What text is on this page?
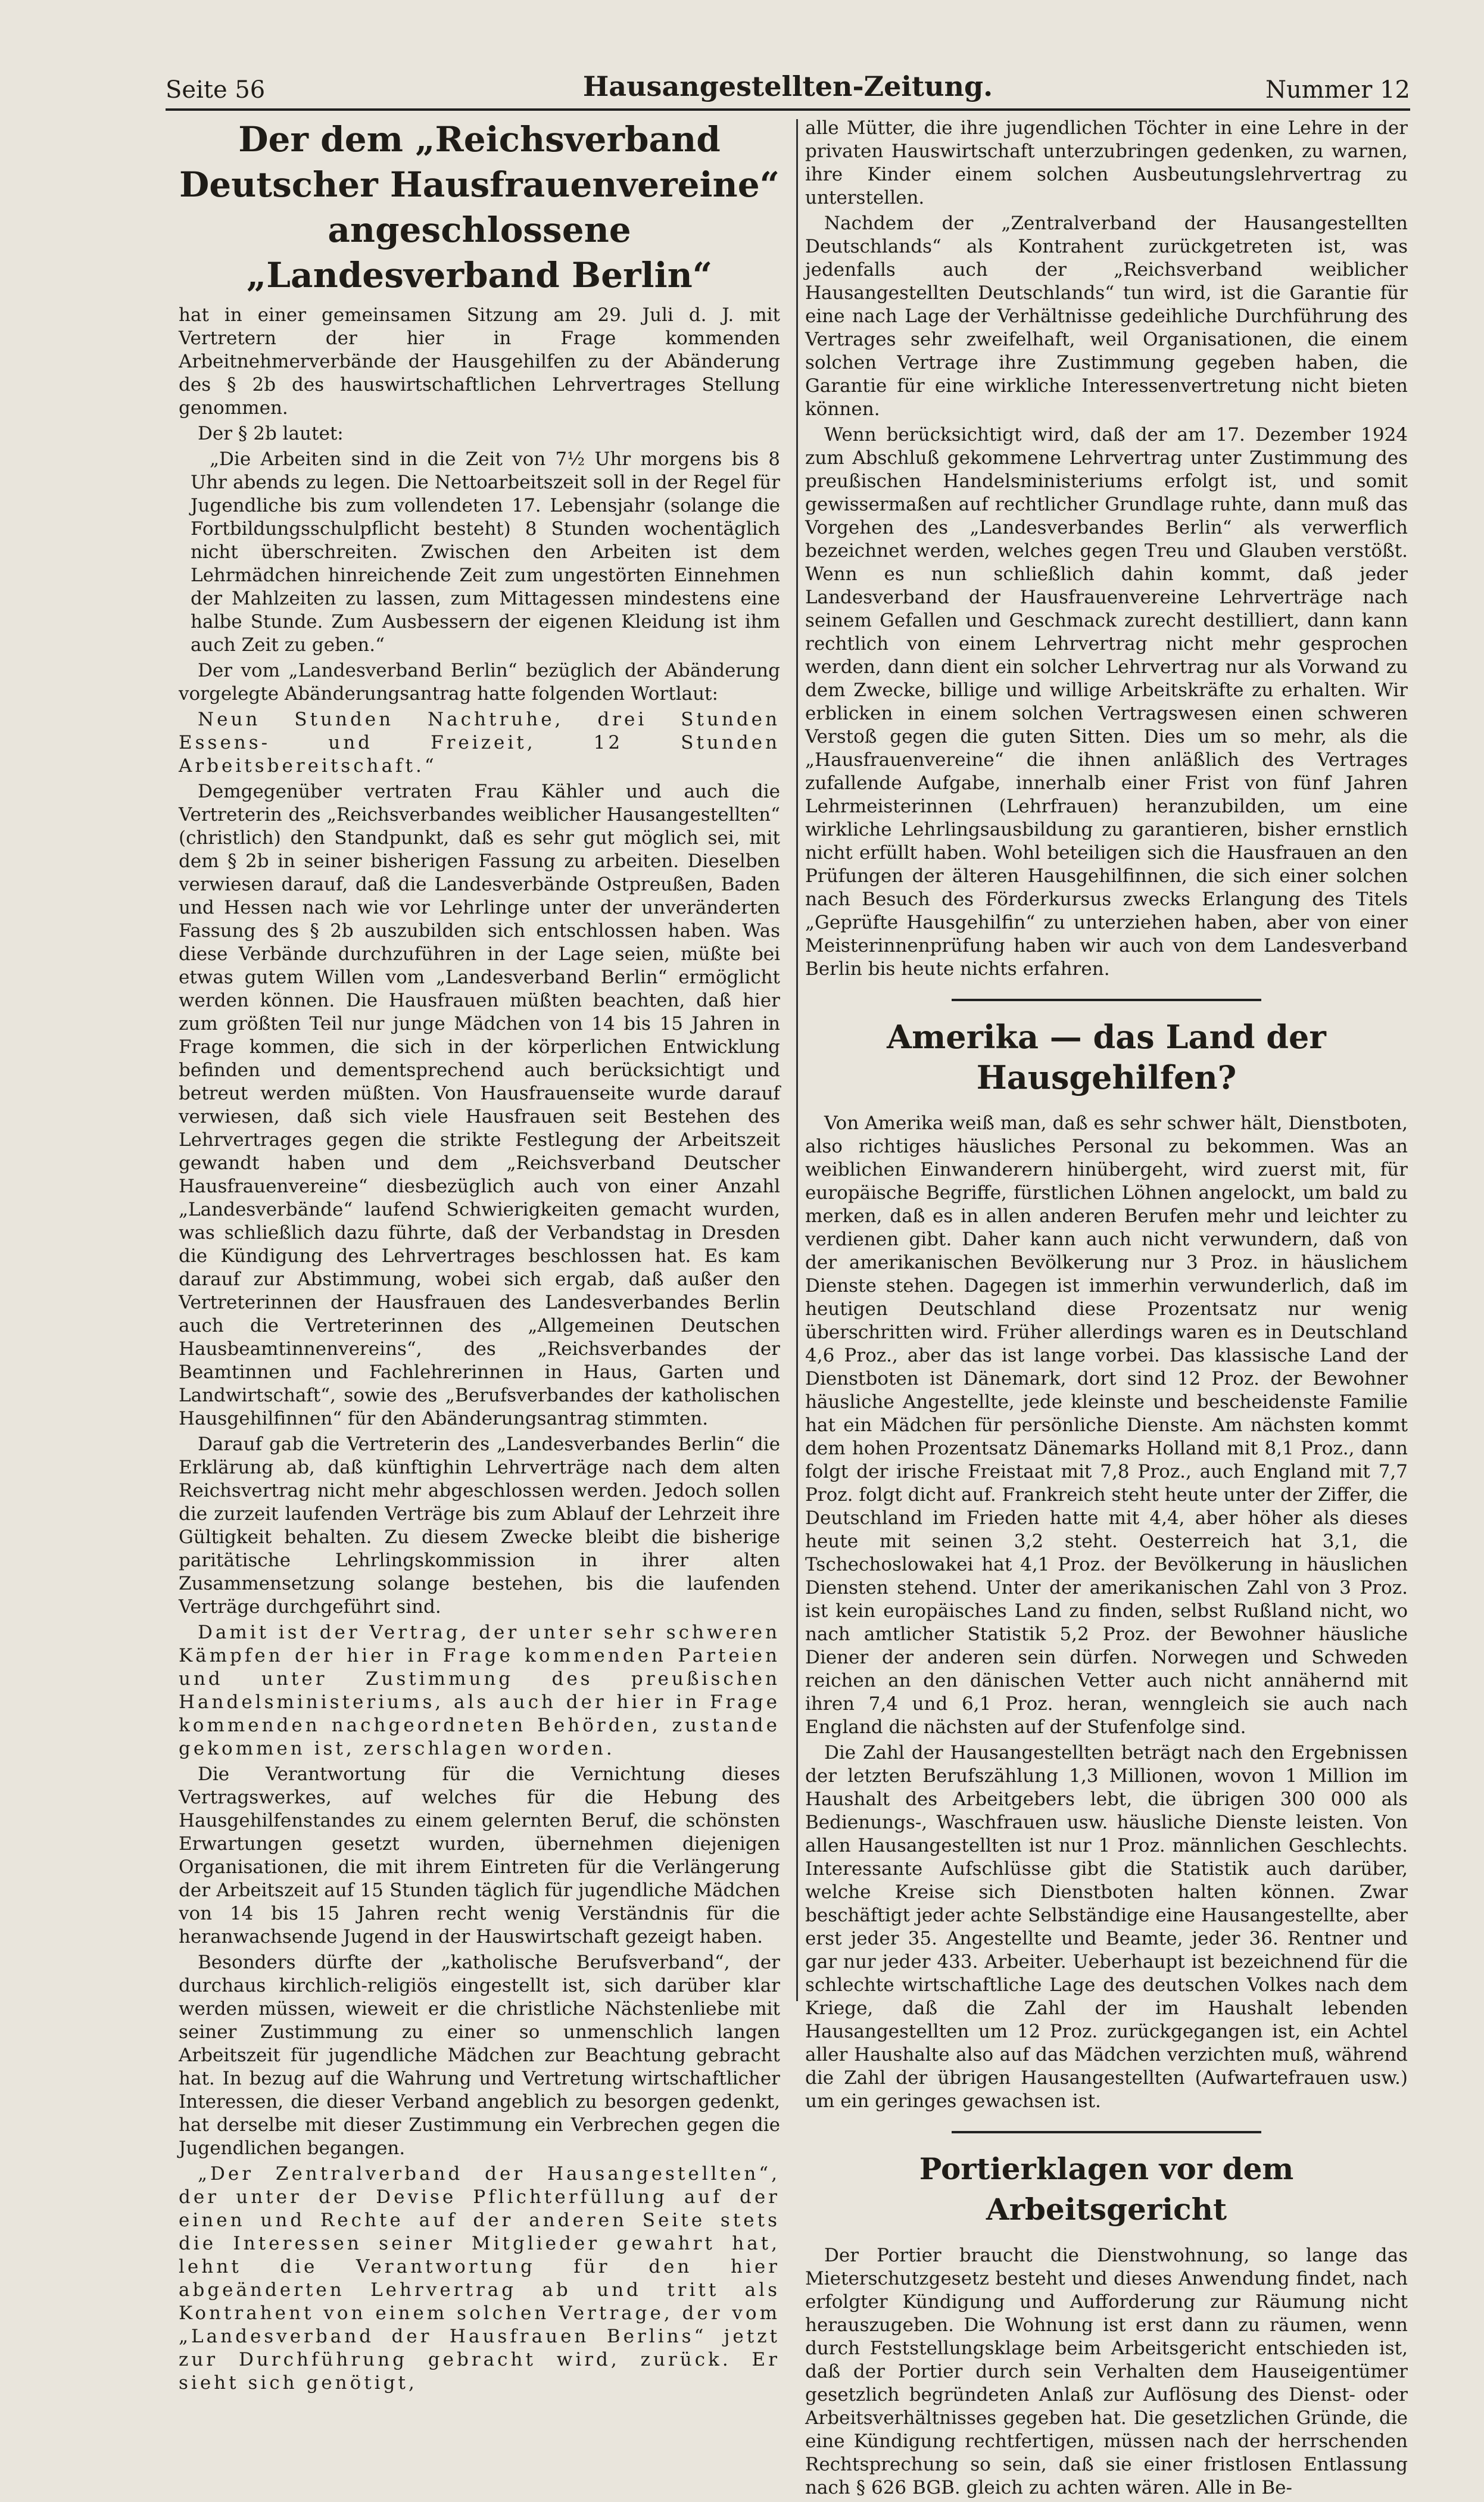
Seite 56	Hausangestellten-Zeitung.	Nummer 12
Der dem „Reichsverband Deutscher Hausfrauenvereine“ angeschlossene „Landesverband Berlin“

hat in einer gemeinsamen Sitzung am 29. Juli d. J. mit Vertretern der hier in Frage kommenden Arbeitnehmerverbände der Hausgehilfen zu der Abänderung des § 2b des hauswirtschaftlichen Lehrvertrages Stellung genommen.

Der § 2b lautet:

„Die Arbeiten sind in die Zeit von 7½ Uhr morgens bis 8 Uhr abends zu legen. Die Nettoarbeitszeit soll in der Regel für Jugendliche bis zum vollendeten 17. Lebensjahr (solange die Fortbildungsschulpflicht besteht) 8 Stunden wochentäglich nicht überschreiten. Zwischen den Arbeiten ist dem Lehrmädchen hinreichende Zeit zum ungestörten Einnehmen der Mahlzeiten zu lassen, zum Mittagessen mindestens eine halbe Stunde. Zum Ausbessern der eigenen Kleidung ist ihm auch Zeit zu geben.“

Der vom „Landesverband Berlin“ bezüglich der Abänderung vorgelegte Abänderungsantrag hatte folgenden Wortlaut:

Neun Stunden Nachtruhe, drei Stunden Essens- und Freizeit, 12 Stunden Arbeitsbereitschaft.“

Demgegenüber vertraten Frau Kähler und auch die Vertreterin des „Reichsverbandes weiblicher Hausangestellten“ (christlich) den Standpunkt, daß es sehr gut möglich sei, mit dem § 2b in seiner bisherigen Fassung zu arbeiten. Dieselben verwiesen darauf, daß die Landesverbände Ostpreußen, Baden und Hessen nach wie vor Lehrlinge unter der unveränderten Fassung des § 2b auszubilden sich entschlossen haben. Was diese Verbände durchzuführen in der Lage seien, müßte bei etwas gutem Willen vom „Landesverband Berlin“ ermöglicht werden können. Die Hausfrauen müßten beachten, daß hier zum größten Teil nur junge Mädchen von 14 bis 15 Jahren in Frage kommen, die sich in der körperlichen Entwicklung befinden und dementsprechend auch berücksichtigt und betreut werden müßten. Von Hausfrauenseite wurde darauf verwiesen, daß sich viele Hausfrauen seit Bestehen des Lehrvertrages gegen die strikte Festlegung der Arbeitszeit gewandt haben und dem „Reichsverband Deutscher Hausfrauenvereine“ diesbezüglich auch von einer Anzahl „Landesverbände“ laufend Schwierigkeiten gemacht wurden, was schließlich dazu führte, daß der Verbandstag in Dresden die Kündigung des Lehrvertrages beschlossen hat. Es kam darauf zur Abstimmung, wobei sich ergab, daß außer den Vertreterinnen der Hausfrauen des Landesverbandes Berlin auch die Vertreterinnen des „Allgemeinen Deutschen Hausbeamtinnenvereins“, des „Reichsverbandes der Beamtinnen und Fachlehrerinnen in Haus, Garten und Landwirtschaft“, sowie des „Berufsverbandes der katholischen Hausgehilfinnen“ für den Abänderungsantrag stimmten.

Darauf gab die Vertreterin des „Landesverbandes Berlin“ die Erklärung ab, daß künftighin Lehrverträge nach dem alten Reichsvertrag nicht mehr abgeschlossen werden. Jedoch sollen die zurzeit laufenden Verträge bis zum Ablauf der Lehrzeit ihre Gültigkeit behalten. Zu diesem Zwecke bleibt die bisherige paritätische Lehrlingskommission in ihrer alten Zusammensetzung solange bestehen, bis die laufenden Verträge durchgeführt sind.

Damit ist der Vertrag, der unter sehr schweren Kämpfen der hier in Frage kommenden Parteien und unter Zustimmung des preußischen Handelsministeriums, als auch der hier in Frage kommenden nachgeordneten Behörden, zustande gekommen ist, zerschlagen worden.

Die Verantwortung für die Vernichtung dieses Vertragswerkes, auf welches für die Hebung des Hausgehilfenstandes zu einem gelernten Beruf, die schönsten Erwartungen gesetzt wurden, übernehmen diejenigen Organisationen, die mit ihrem Eintreten für die Verlängerung der Arbeitszeit auf 15 Stunden täglich für jugendliche Mädchen von 14 bis 15 Jahren recht wenig Verständnis für die heranwachsende Jugend in der Hauswirtschaft gezeigt haben.

Besonders dürfte der „katholische Berufsverband“, der durchaus kirchlich-religiös eingestellt ist, sich darüber klar werden müssen, wieweit er die christliche Nächstenliebe mit seiner Zustimmung zu einer so unmenschlich langen Arbeitszeit für jugendliche Mädchen zur Beachtung gebracht hat. In bezug auf die Wahrung und Vertretung wirtschaftlicher Interessen, die dieser Verband angeblich zu besorgen gedenkt, hat derselbe mit dieser Zustimmung ein Verbrechen gegen die Jugendlichen begangen.

„Der Zentralverband der Hausangestellten“, der unter der Devise Pflichterfüllung auf der einen und Rechte auf der anderen Seite stets die Interessen seiner Mitglieder gewahrt hat, lehnt die Verantwortung für den hier abgeänderten Lehrvertrag ab und tritt als Kontrahent von einem solchen Vertrage, der vom „Landesverband der Hausfrauen Berlins“ jetzt zur Durchführung gebracht wird, zurück. Er sieht sich genötigt,

alle Mütter, die ihre jugendlichen Töchter in eine Lehre in der privaten Hauswirtschaft unterzubringen gedenken, zu warnen, ihre Kinder einem solchen Ausbeutungslehrvertrag zu unterstellen.

Nachdem der „Zentralverband der Hausangestellten Deutschlands“ als Kontrahent zurückgetreten ist, was jedenfalls auch der „Reichsverband weiblicher Hausangestellten Deutschlands“ tun wird, ist die Garantie für eine nach Lage der Verhältnisse gedeihliche Durchführung des Vertrages sehr zweifelhaft, weil Organisationen, die einem solchen Vertrage ihre Zustimmung gegeben haben, die Garantie für eine wirkliche Interessenvertretung nicht bieten können.

Wenn berücksichtigt wird, daß der am 17. Dezember 1924 zum Abschluß gekommene Lehrvertrag unter Zustimmung des preußischen Handelsministeriums erfolgt ist, und somit gewissermaßen auf rechtlicher Grundlage ruhte, dann muß das Vorgehen des „Landesverbandes Berlin“ als verwerflich bezeichnet werden, welches gegen Treu und Glauben verstößt. Wenn es nun schließlich dahin kommt, daß jeder Landesverband der Hausfrauenvereine Lehrverträge nach seinem Gefallen und Geschmack zurecht destilliert, dann kann rechtlich von einem Lehrvertrag nicht mehr gesprochen werden, dann dient ein solcher Lehrvertrag nur als Vorwand zu dem Zwecke, billige und willige Arbeitskräfte zu erhalten. Wir erblicken in einem solchen Vertragswesen einen schweren Verstoß gegen die guten Sitten. Dies um so mehr, als die „Hausfrauenvereine“ die ihnen anläßlich des Vertrages zufallende Aufgabe, innerhalb einer Frist von fünf Jahren Lehrmeisterinnen (Lehrfrauen) heranzubilden, um eine wirkliche Lehrlingsausbildung zu garantieren, bisher ernstlich nicht erfüllt haben. Wohl beteiligen sich die Hausfrauen an den Prüfungen der älteren Hausgehilfinnen, die sich einer solchen nach Besuch des Förderkursus zwecks Erlangung des Titels „Geprüfte Hausgehilfin“ zu unterziehen haben, aber von einer Meisterinnenprüfung haben wir auch von dem Landesverband Berlin bis heute nichts erfahren.

Amerika — das Land der Hausgehilfen?

Von Amerika weiß man, daß es sehr schwer hält, Dienstboten, also richtiges häusliches Personal zu bekommen. Was an weiblichen Einwanderern hinübergeht, wird zuerst mit, für europäische Begriffe, fürstlichen Löhnen angelockt, um bald zu merken, daß es in allen anderen Berufen mehr und leichter zu verdienen gibt. Daher kann auch nicht verwundern, daß von der amerikanischen Bevölkerung nur 3 Proz. in häuslichem Dienste stehen. Dagegen ist immerhin verwunderlich, daß im heutigen Deutschland diese Prozentsatz nur wenig überschritten wird. Früher allerdings waren es in Deutschland 4,6 Proz., aber das ist lange vorbei. Das klassische Land der Dienstboten ist Dänemark, dort sind 12 Proz. der Bewohner häusliche Angestellte, jede kleinste und bescheidenste Familie hat ein Mädchen für persönliche Dienste. Am nächsten kommt dem hohen Prozentsatz Dänemarks Holland mit 8,1 Proz., dann folgt der irische Freistaat mit 7,8 Proz., auch England mit 7,7 Proz. folgt dicht auf. Frankreich steht heute unter der Ziffer, die Deutschland im Frieden hatte mit 4,4, aber höher als dieses heute mit seinen 3,2 steht. Oesterreich hat 3,1, die Tschechoslowakei hat 4,1 Proz. der Bevölkerung in häuslichen Diensten stehend. Unter der amerikanischen Zahl von 3 Proz. ist kein europäisches Land zu finden, selbst Rußland nicht, wo nach amtlicher Statistik 5,2 Proz. der Bewohner häusliche Diener der anderen sein dürfen. Norwegen und Schweden reichen an den dänischen Vetter auch nicht annähernd mit ihren 7,4 und 6,1 Proz. heran, wenngleich sie auch nach England die nächsten auf der Stufenfolge sind.

Die Zahl der Hausangestellten beträgt nach den Ergebnissen der letzten Berufszählung 1,3 Millionen, wovon 1 Million im Haushalt des Arbeitgebers lebt, die übrigen 300 000 als Bedienungs-, Waschfrauen usw. häusliche Dienste leisten. Von allen Hausangestellten ist nur 1 Proz. männlichen Geschlechts. Interessante Aufschlüsse gibt die Statistik auch darüber, welche Kreise sich Dienstboten halten können. Zwar beschäftigt jeder achte Selbständige eine Hausangestellte, aber erst jeder 35. Angestellte und Beamte, jeder 36. Rentner und gar nur jeder 433. Arbeiter. Ueberhaupt ist bezeichnend für die schlechte wirtschaftliche Lage des deutschen Volkes nach dem Kriege, daß die Zahl der im Haushalt lebenden Hausangestellten um 12 Proz. zurückgegangen ist, ein Achtel aller Haushalte also auf das Mädchen verzichten muß, während die Zahl der übrigen Hausangestellten (Aufwartefrauen usw.) um ein geringes gewachsen ist.

Portierklagen vor dem Arbeitsgericht

Der Portier braucht die Dienstwohnung, so lange das Mieterschutzgesetz besteht und dieses Anwendung findet, nach erfolgter Kündigung und Aufforderung zur Räumung nicht herauszugeben. Die Wohnung ist erst dann zu räumen, wenn durch Feststellungsklage beim Arbeitsgericht entschieden ist, daß der Portier durch sein Verhalten dem Hauseigentümer gesetzlich begründeten Anlaß zur Auflösung des Dienst- oder Arbeitsverhältnisses gegeben hat. Die gesetzlichen Gründe, die eine Kündigung rechtfertigen, müssen nach der herrschenden Rechtsprechung so sein, daß sie einer fristlosen Entlassung nach § 626 BGB. gleich zu achten wären. Alle in Be-
